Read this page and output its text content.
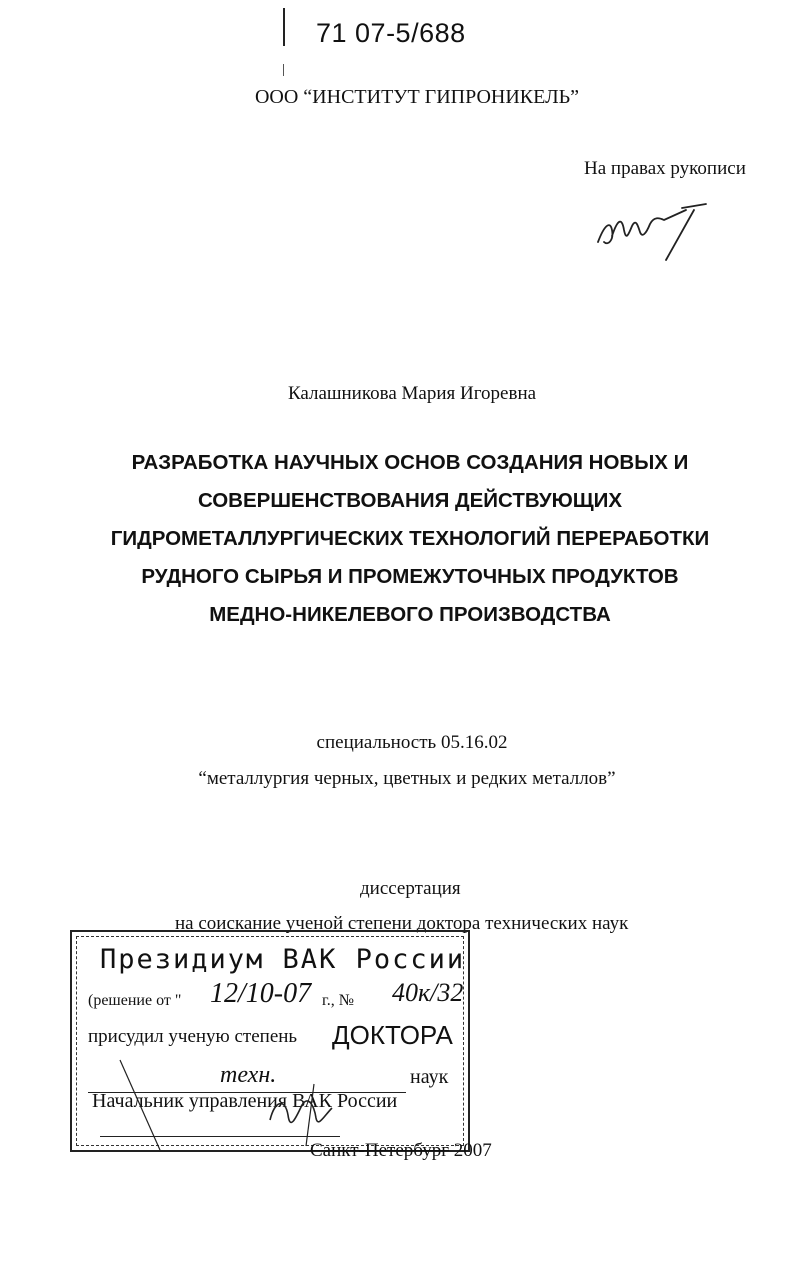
71 07-5/688
ООО “ИНСТИТУТ ГИПРОНИКЕЛЬ”
На правах рукописи
Калашникова Мария Игоревна
РАЗРАБОТКА НАУЧНЫХ ОСНОВ СОЗДАНИЯ НОВЫХ И
СОВЕРШЕНСТВОВАНИЯ ДЕЙСТВУЮЩИХ
ГИДРОМЕТАЛЛУРГИЧЕСКИХ ТЕХНОЛОГИЙ ПЕРЕРАБОТКИ
РУДНОГО СЫРЬЯ И ПРОМЕЖУТОЧНЫХ ПРОДУКТОВ
МЕДНО-НИКЕЛЕВОГО ПРОИЗВОДСТВА
специальность 05.16.02
“металлургия черных, цветных и редких металлов”
диссертация
на соискание ученой степени доктора технических наук
Президиум ВАК России
(решение от " 12/10-07 г., № 40к/32
присудил ученую степень ДОКТОРА
техн.	наук
Начальник управления ВАК России
Санкт-Петербург 2007
